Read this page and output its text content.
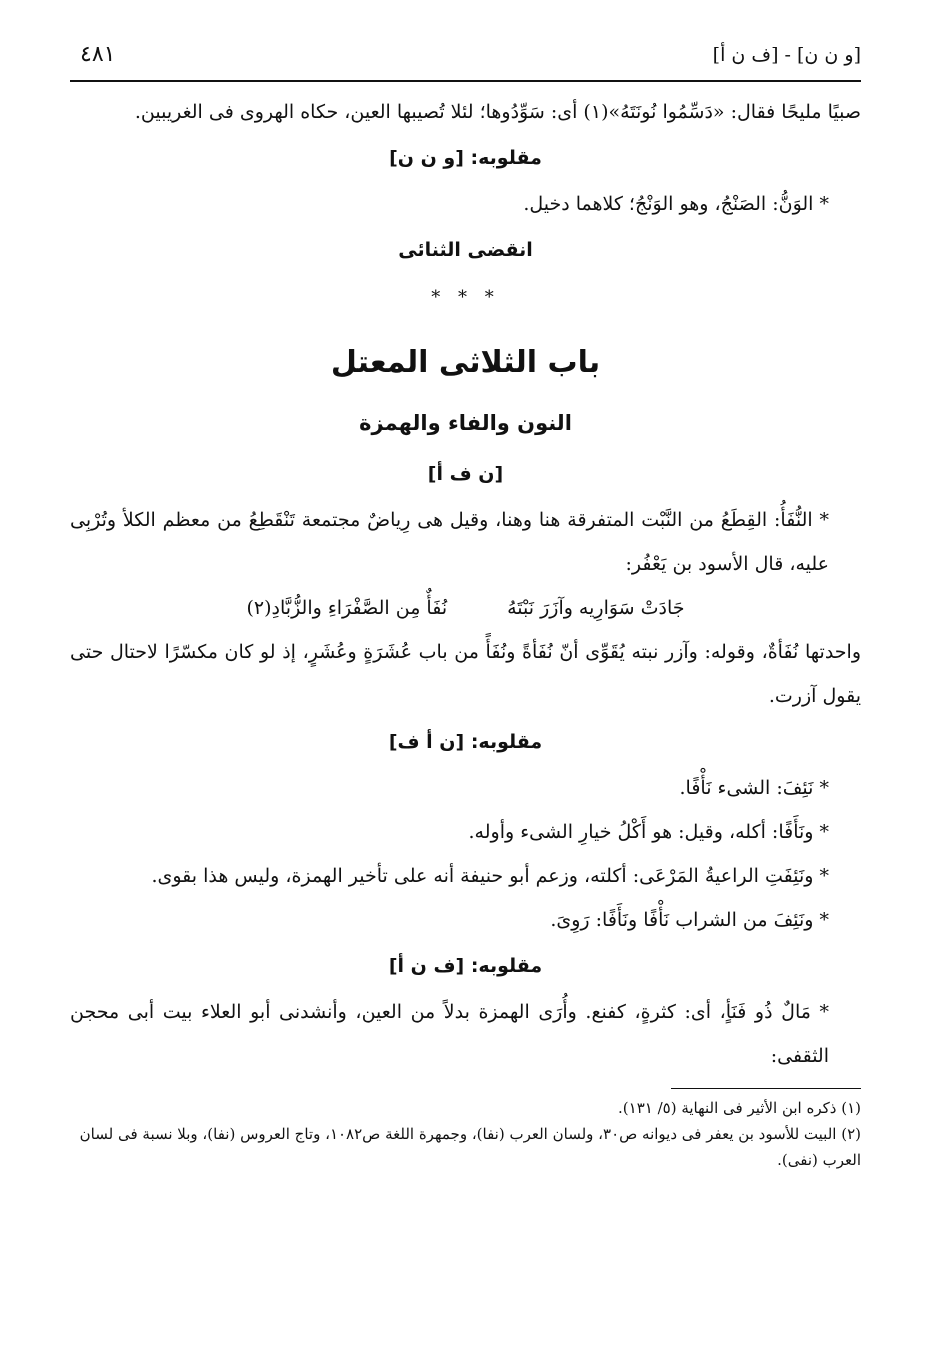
[و ن ن] - [ف ن أ]
٤٨١

صبيًا مليحًا فقال: «دَسِّمُوا نُونَتَهُ»(١) أى: سَوِّدُوها؛ لئلا تُصيبها العين، حكاه الهروى فى الغريبين.

مقلوبه: [و ن ن]

* الوَنُّ: الصَنْجُ، وهو الوَنْجُ؛ كلاهما دخيل.

انقضى الثنائى

* * *

باب الثلاثى المعتل

النون والفاء والهمزة

[ن ف أ]

* النُّفَأُ: القِطَعُ من النَّبْت المتفرقة هنا وهنا، وقيل هى رِياضٌ مجتمعة تَنْقَطِعُ من معظم الكلأ وتُرْبِى عليه، قال الأسود بن يَعْفُر:

جَادَتْ سَوَارِيه وآزَرَ نَبْتَهُ
نُفَأٌ مِن الصَّفْرَاءِ والزُّبَّادِ(٢)

واحدتها نُفَأةٌ، وقوله: وآزر نبته يُقَوِّى أنّ نُفَأةً ونُفَأً من باب عُشَرَةٍ وعُشَرٍ، إذ لو كان مكسّرًا لاحتال حتى يقول آزرت.

مقلوبه: [ن أ ف]

* نَئِفَ: الشىء نَأْفًا.

* ونَأَفًا: أكله، وقيل: هو أَكْلُ خيارِ الشىء وأوله.

* ونَئِفَتِ الراعيةُ المَرْعَى: أكلته، وزعم أبو حنيفة أنه على تأخير الهمزة، وليس هذا بقوى.

* ونَئِفَ من الشراب نَأْفًا ونَأَفًا: رَوِىَ.

مقلوبه: [ف ن أ]

* مَالٌ ذُو فَنَأٍ، أى: كثرةٍ، كفنع. وأُرَى الهمزة بدلاً من العين، وأنشدنى أبو العلاء بيت أبى محجن الثقفى:

(١) ذكره ابن الأثير فى النهاية (٥/ ١٣١).

(٢) البيت للأسود بن يعفر فى ديوانه ص٣٠، ولسان العرب (نفا)، وجمهرة اللغة ص١٠٨٢، وتاج العروس (نفا)، وبلا نسبة فى لسان العرب (نفى).
